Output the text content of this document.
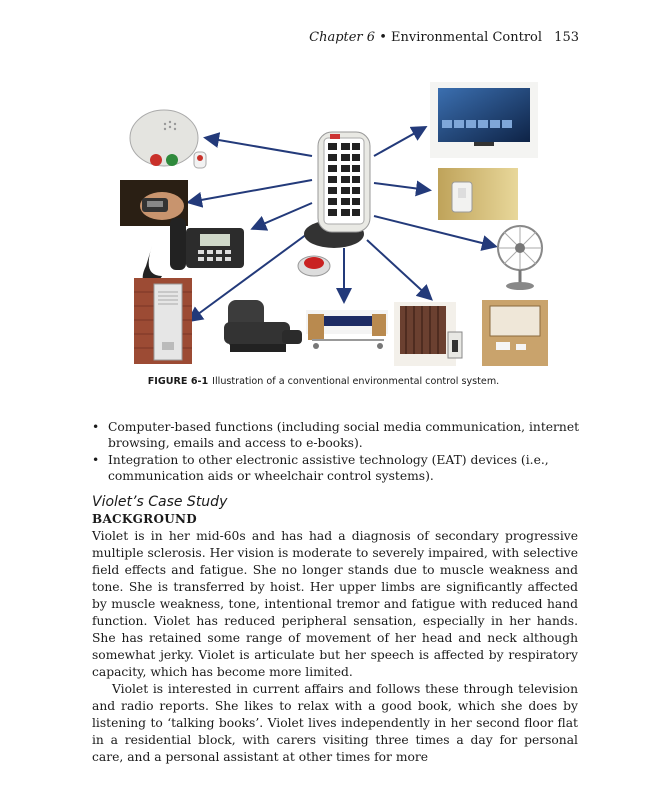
Chapter 6 • Environmental Control 153
FIGURE 6-1 Illustration of a conventional environmental control system.
• Computer-based functions (including social media communication, internet browsing, emails and access to e-books).
• Integration to other electronic assistive technology (EAT) devices (i.e., communication aids or wheelchair control systems).
Violet’s Case Study
BACKGROUND

Violet is in her mid-60s and has had a diagnosis of secondary progressive multiple sclerosis. Her vision is moderate to severely impaired, with selective field effects and fatigue. She no longer stands due to muscle weakness and tone. She is transferred by hoist. Her upper limbs are significantly affected by muscle weakness, tone, intentional tremor and fatigue with reduced hand function. Violet has reduced peripheral sensation, especially in her hands. She has retained some range of movement of her head and neck although somewhat jerky. Violet is articulate but her speech is affected by respiratory capacity, which has become more limited.

Violet is interested in current affairs and follows these through television and radio reports. She likes to relax with a good book, which she does by listening to ‘talking books’. Violet lives independently in her second floor flat in a residential block, with carers visiting three times a day for personal care, and a personal assistant at other times for more
